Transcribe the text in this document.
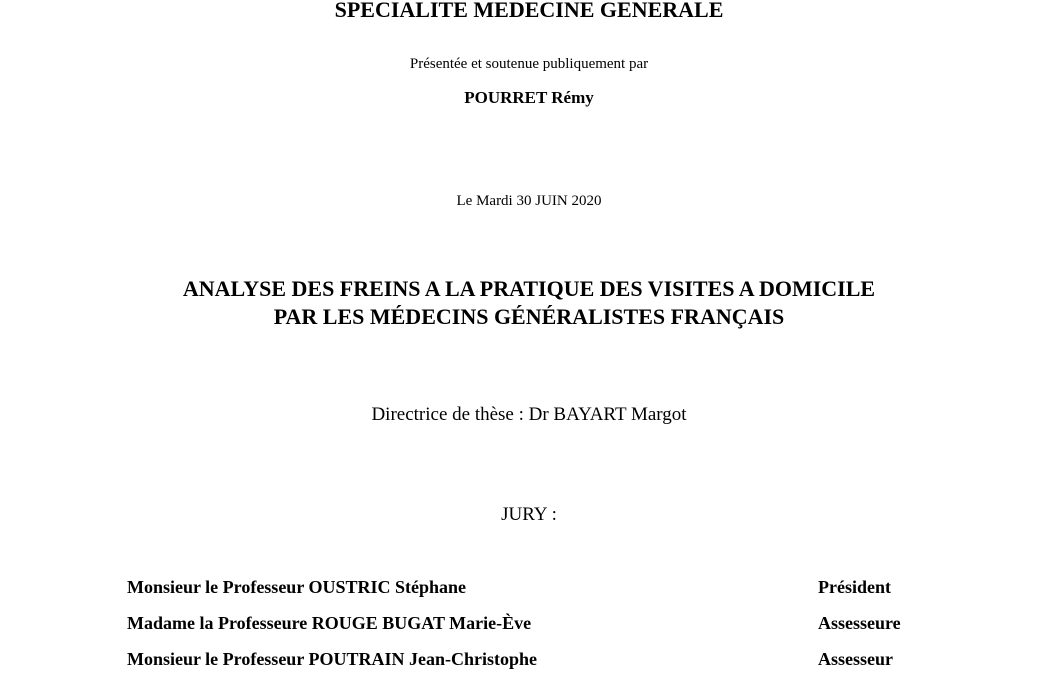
SPECIALITE MEDECINE GENERALE
Présentée et soutenue publiquement par
POURRET Rémy
Le Mardi 30 JUIN 2020
ANALYSE DES FREINS A LA PRATIQUE DES VISITES A DOMICILE
PAR LES MÉDECINS GÉNÉRALISTES FRANÇAIS
Directrice de thèse : Dr BAYART Margot
JURY :
Monsieur le Professeur OUSTRIC Stéphane	Président
Madame la Professeure ROUGE BUGAT Marie-Ève	Assesseure
Monsieur le Professeur POUTRAIN Jean-Christophe	Assesseur
